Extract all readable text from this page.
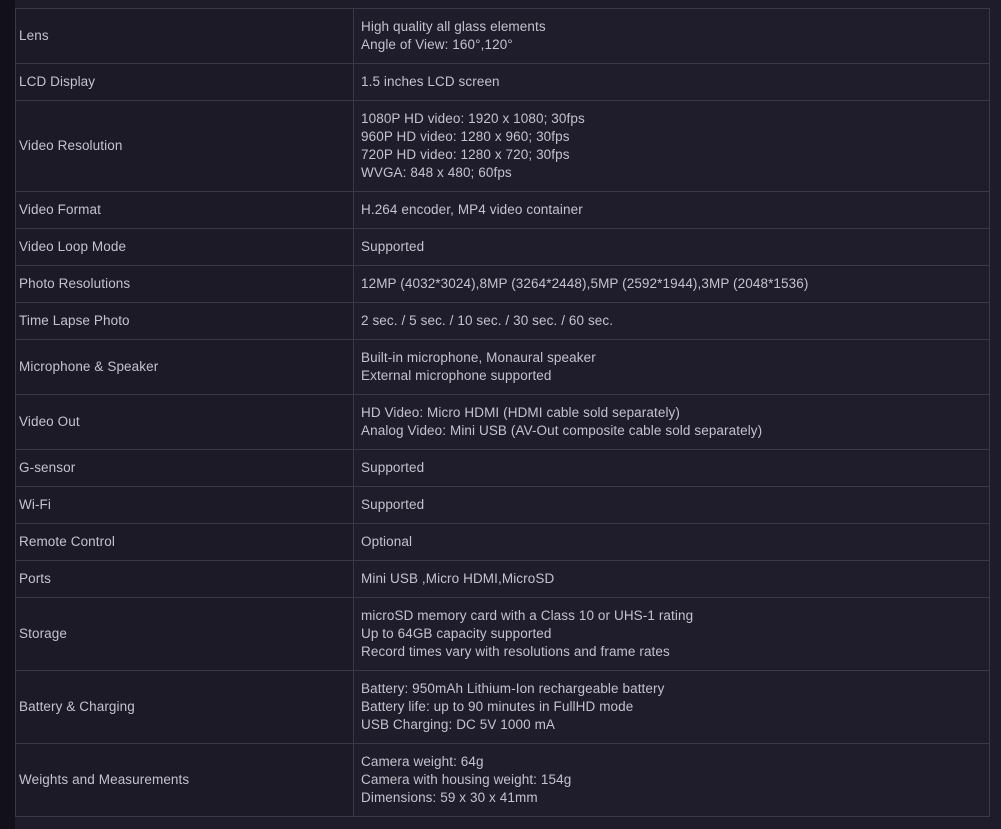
Lens	High quality all glass elements
Angle of View: 160°,120°

LCD Display	1.5 inches LCD screen

Video Resolution	1080P HD video: 1920 x 1080; 30fps
960P HD video: 1280 x 960; 30fps
720P HD video: 1280 x 720; 30fps
WVGA: 848 x 480; 60fps

Video Format	H.264 encoder, MP4 video container

Video Loop Mode	Supported

Photo Resolutions	12MP (4032*3024),8MP (3264*2448),5MP (2592*1944),3MP (2048*1536)

Time Lapse Photo	2 sec. / 5 sec. / 10 sec. / 30 sec. / 60 sec.

Microphone & Speaker	Built-in microphone, Monaural speaker
External microphone supported

Video Out	HD Video: Micro HDMI (HDMI cable sold separately)
Analog Video: Mini USB (AV-Out composite cable sold separately)

G-sensor	Supported

Wi-Fi	Supported

Remote Control	Optional

Ports	Mini USB ,Micro HDMI,MicroSD

Storage	microSD memory card with a Class 10 or UHS-1 rating
Up to 64GB capacity supported
Record times vary with resolutions and frame rates

Battery & Charging	Battery: 950mAh Lithium-Ion rechargeable battery
Battery life: up to 90 minutes in FullHD mode
USB Charging: DC 5V 1000 mA

Weights and Measurements	Camera weight: 64g
Camera with housing weight: 154g
Dimensions: 59 x 30 x 41mm
